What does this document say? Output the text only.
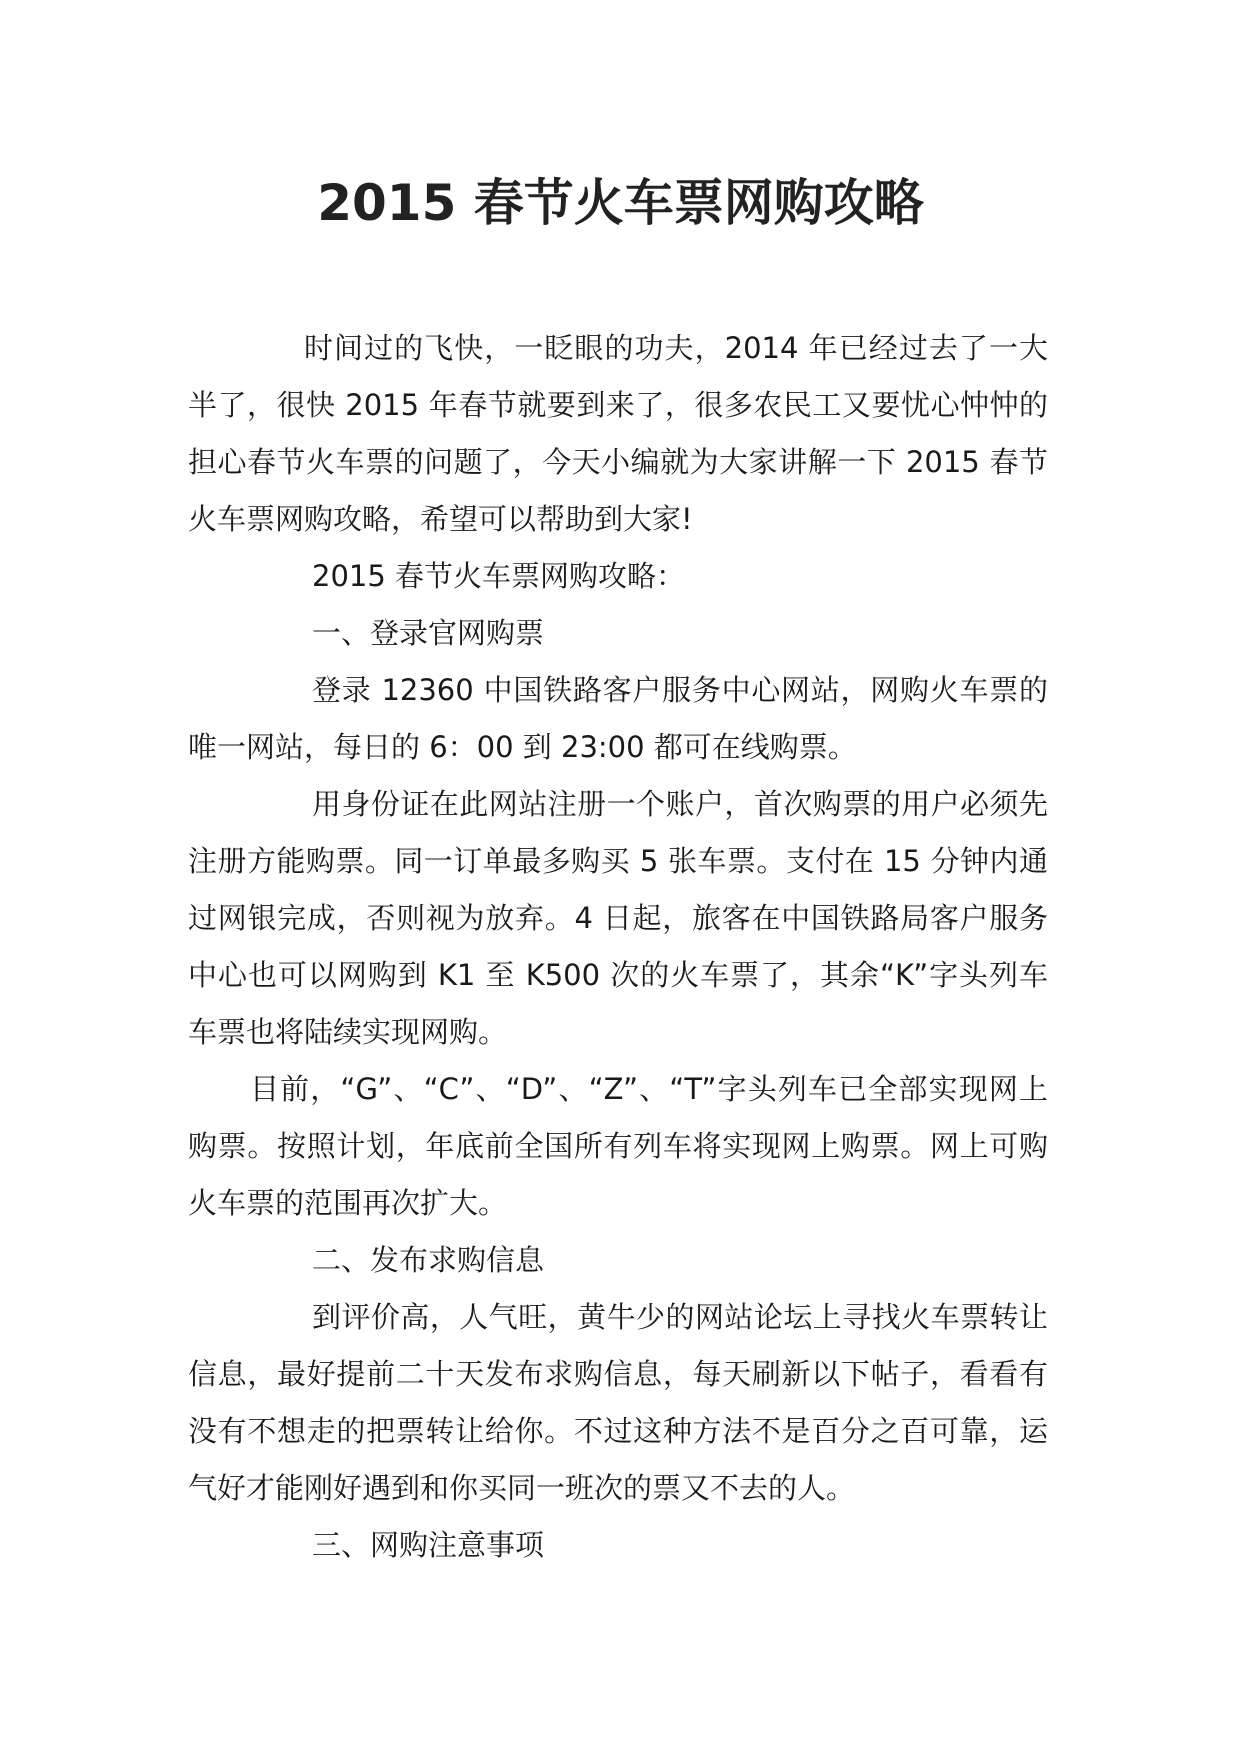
2015 春节火车票网购攻略

时间过的飞快，一眨眼的功夫，2014 年已经过去了一大半了，很快 2015 年春节就要到来了，很多农民工又要忧心忡忡的担心春节火车票的问题了，今天小编就为大家讲解一下 2015 春节火车票网购攻略，希望可以帮助到大家!

2015 春节火车票网购攻略：

一、登录官网购票

登录 12360 中国铁路客户服务中心网站，网购火车票的唯一网站，每日的 6：00 到 23:00 都可在线购票。

用身份证在此网站注册一个账户，首次购票的用户必须先注册方能购票。同一订单最多购买 5 张车票。支付在 15 分钟内通过网银完成，否则视为放弃。4 日起，旅客在中国铁路局客户服务中心也可以网购到 K1 至 K500 次的火车票了，其余“K”字头列车车票也将陆续实现网购。

目前，“G”、“C”、“D”、“Z”、“T”字头列车已全部实现网上购票。按照计划，年底前全国所有列车将实现网上购票。网上可购火车票的范围再次扩大。

二、发布求购信息

到评价高，人气旺，黄牛少的网站论坛上寻找火车票转让信息，最好提前二十天发布求购信息，每天刷新以下帖子，看看有没有不想走的把票转让给你。不过这种方法不是百分之百可靠，运气好才能刚好遇到和你买同一班次的票又不去的人。

三、网购注意事项
